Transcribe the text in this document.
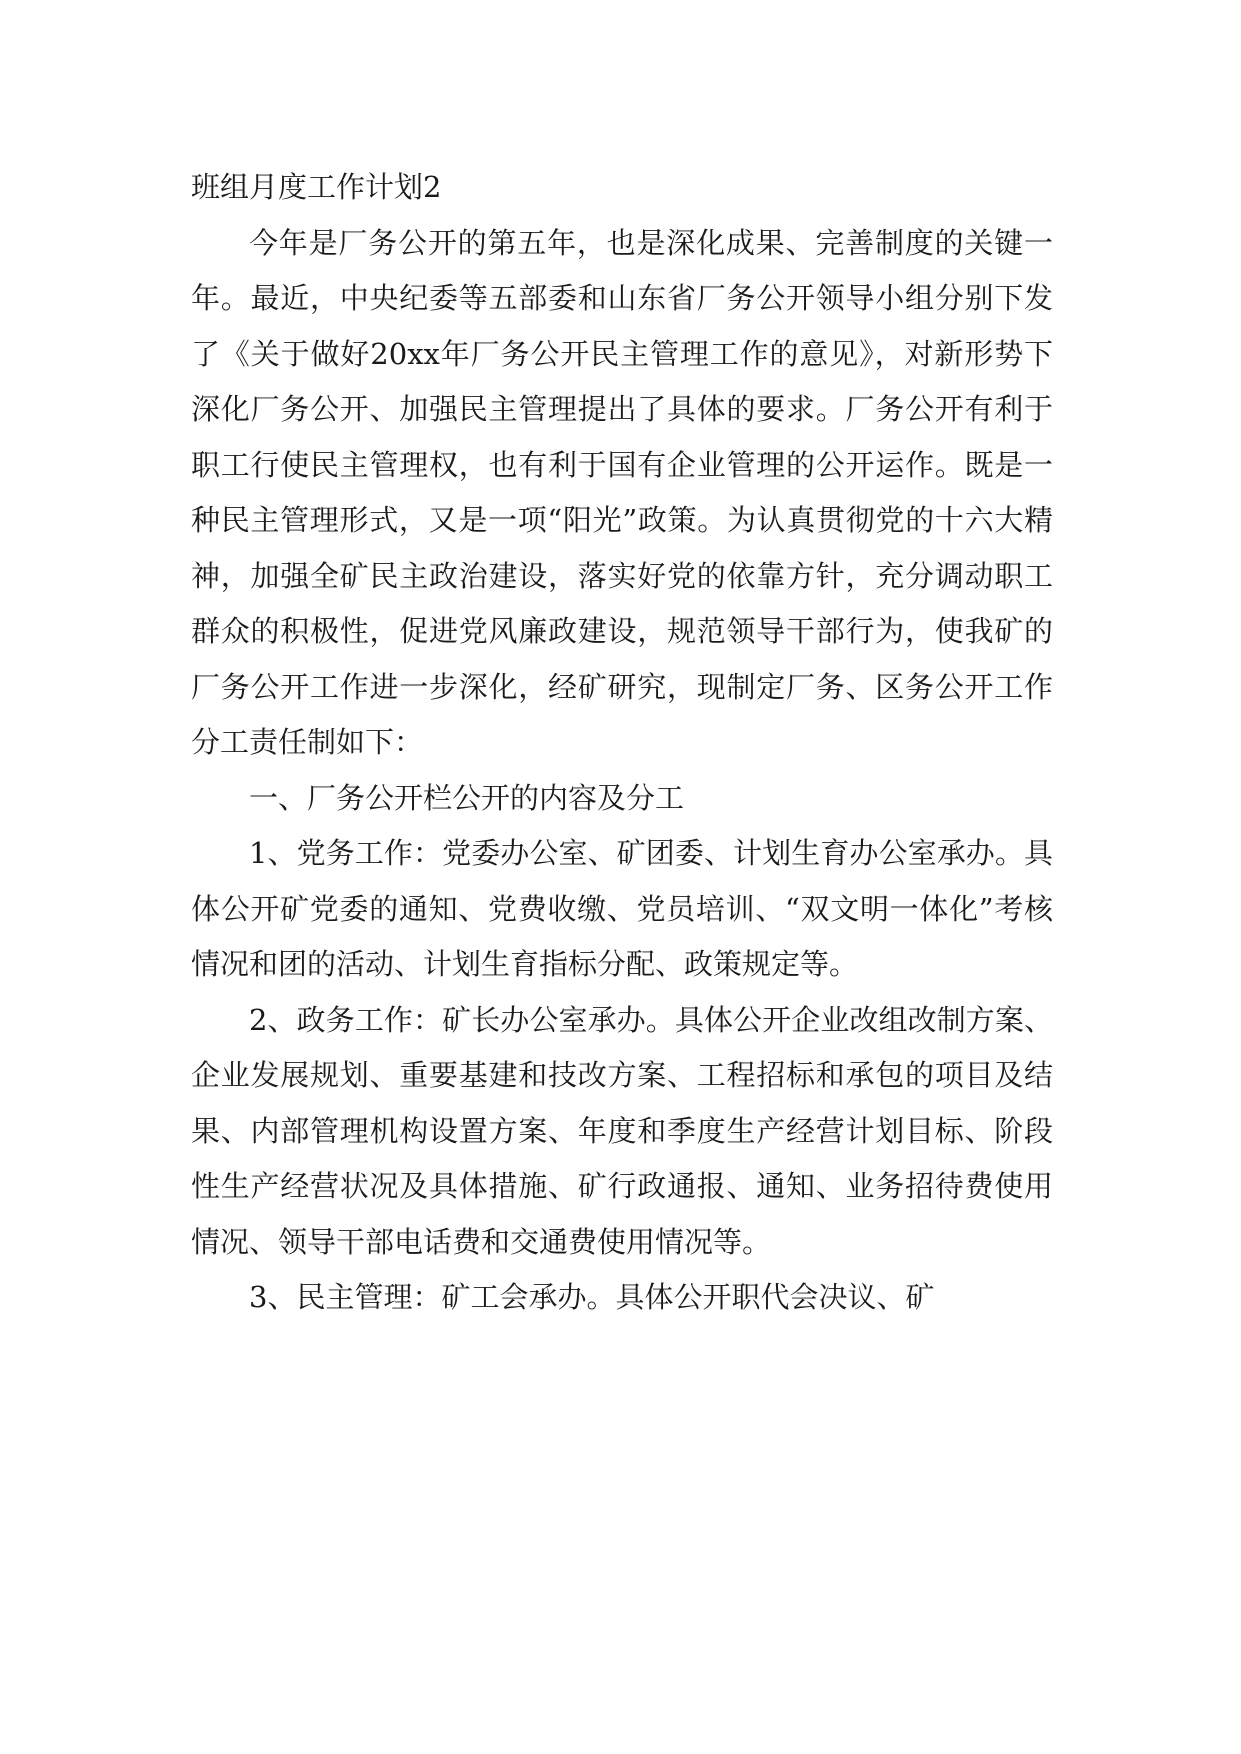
班组月度工作计划2

今年是厂务公开的第五年，也是深化成果、完善制度的关键一年。最近，中央纪委等五部委和山东省厂务公开领导小组分别下发了《关于做好20xx年厂务公开民主管理工作的意见》，对新形势下深化厂务公开、加强民主管理提出了具体的要求。厂务公开有利于职工行使民主管理权，也有利于国有企业管理的公开运作。既是一种民主管理形式，又是一项“阳光”政策。为认真贯彻党的十六大精神，加强全矿民主政治建设，落实好党的依靠方针，充分调动职工群众的积极性，促进党风廉政建设，规范领导干部行为，使我矿的厂务公开工作进一步深化，经矿研究，现制定厂务、区务公开工作分工责任制如下：

一、厂务公开栏公开的内容及分工

1、党务工作：党委办公室、矿团委、计划生育办公室承办。具体公开矿党委的通知、党费收缴、党员培训、“双文明一体化”考核情况和团的活动、计划生育指标分配、政策规定等。

2、政务工作：矿长办公室承办。具体公开企业改组改制方案、企业发展规划、重要基建和技改方案、工程招标和承包的项目及结果、内部管理机构设置方案、年度和季度生产经营计划目标、阶段性生产经营状况及具体措施、矿行政通报、通知、业务招待费使用情况、领导干部电话费和交通费使用情况等。

3、民主管理：矿工会承办。具体公开职代会决议、矿
